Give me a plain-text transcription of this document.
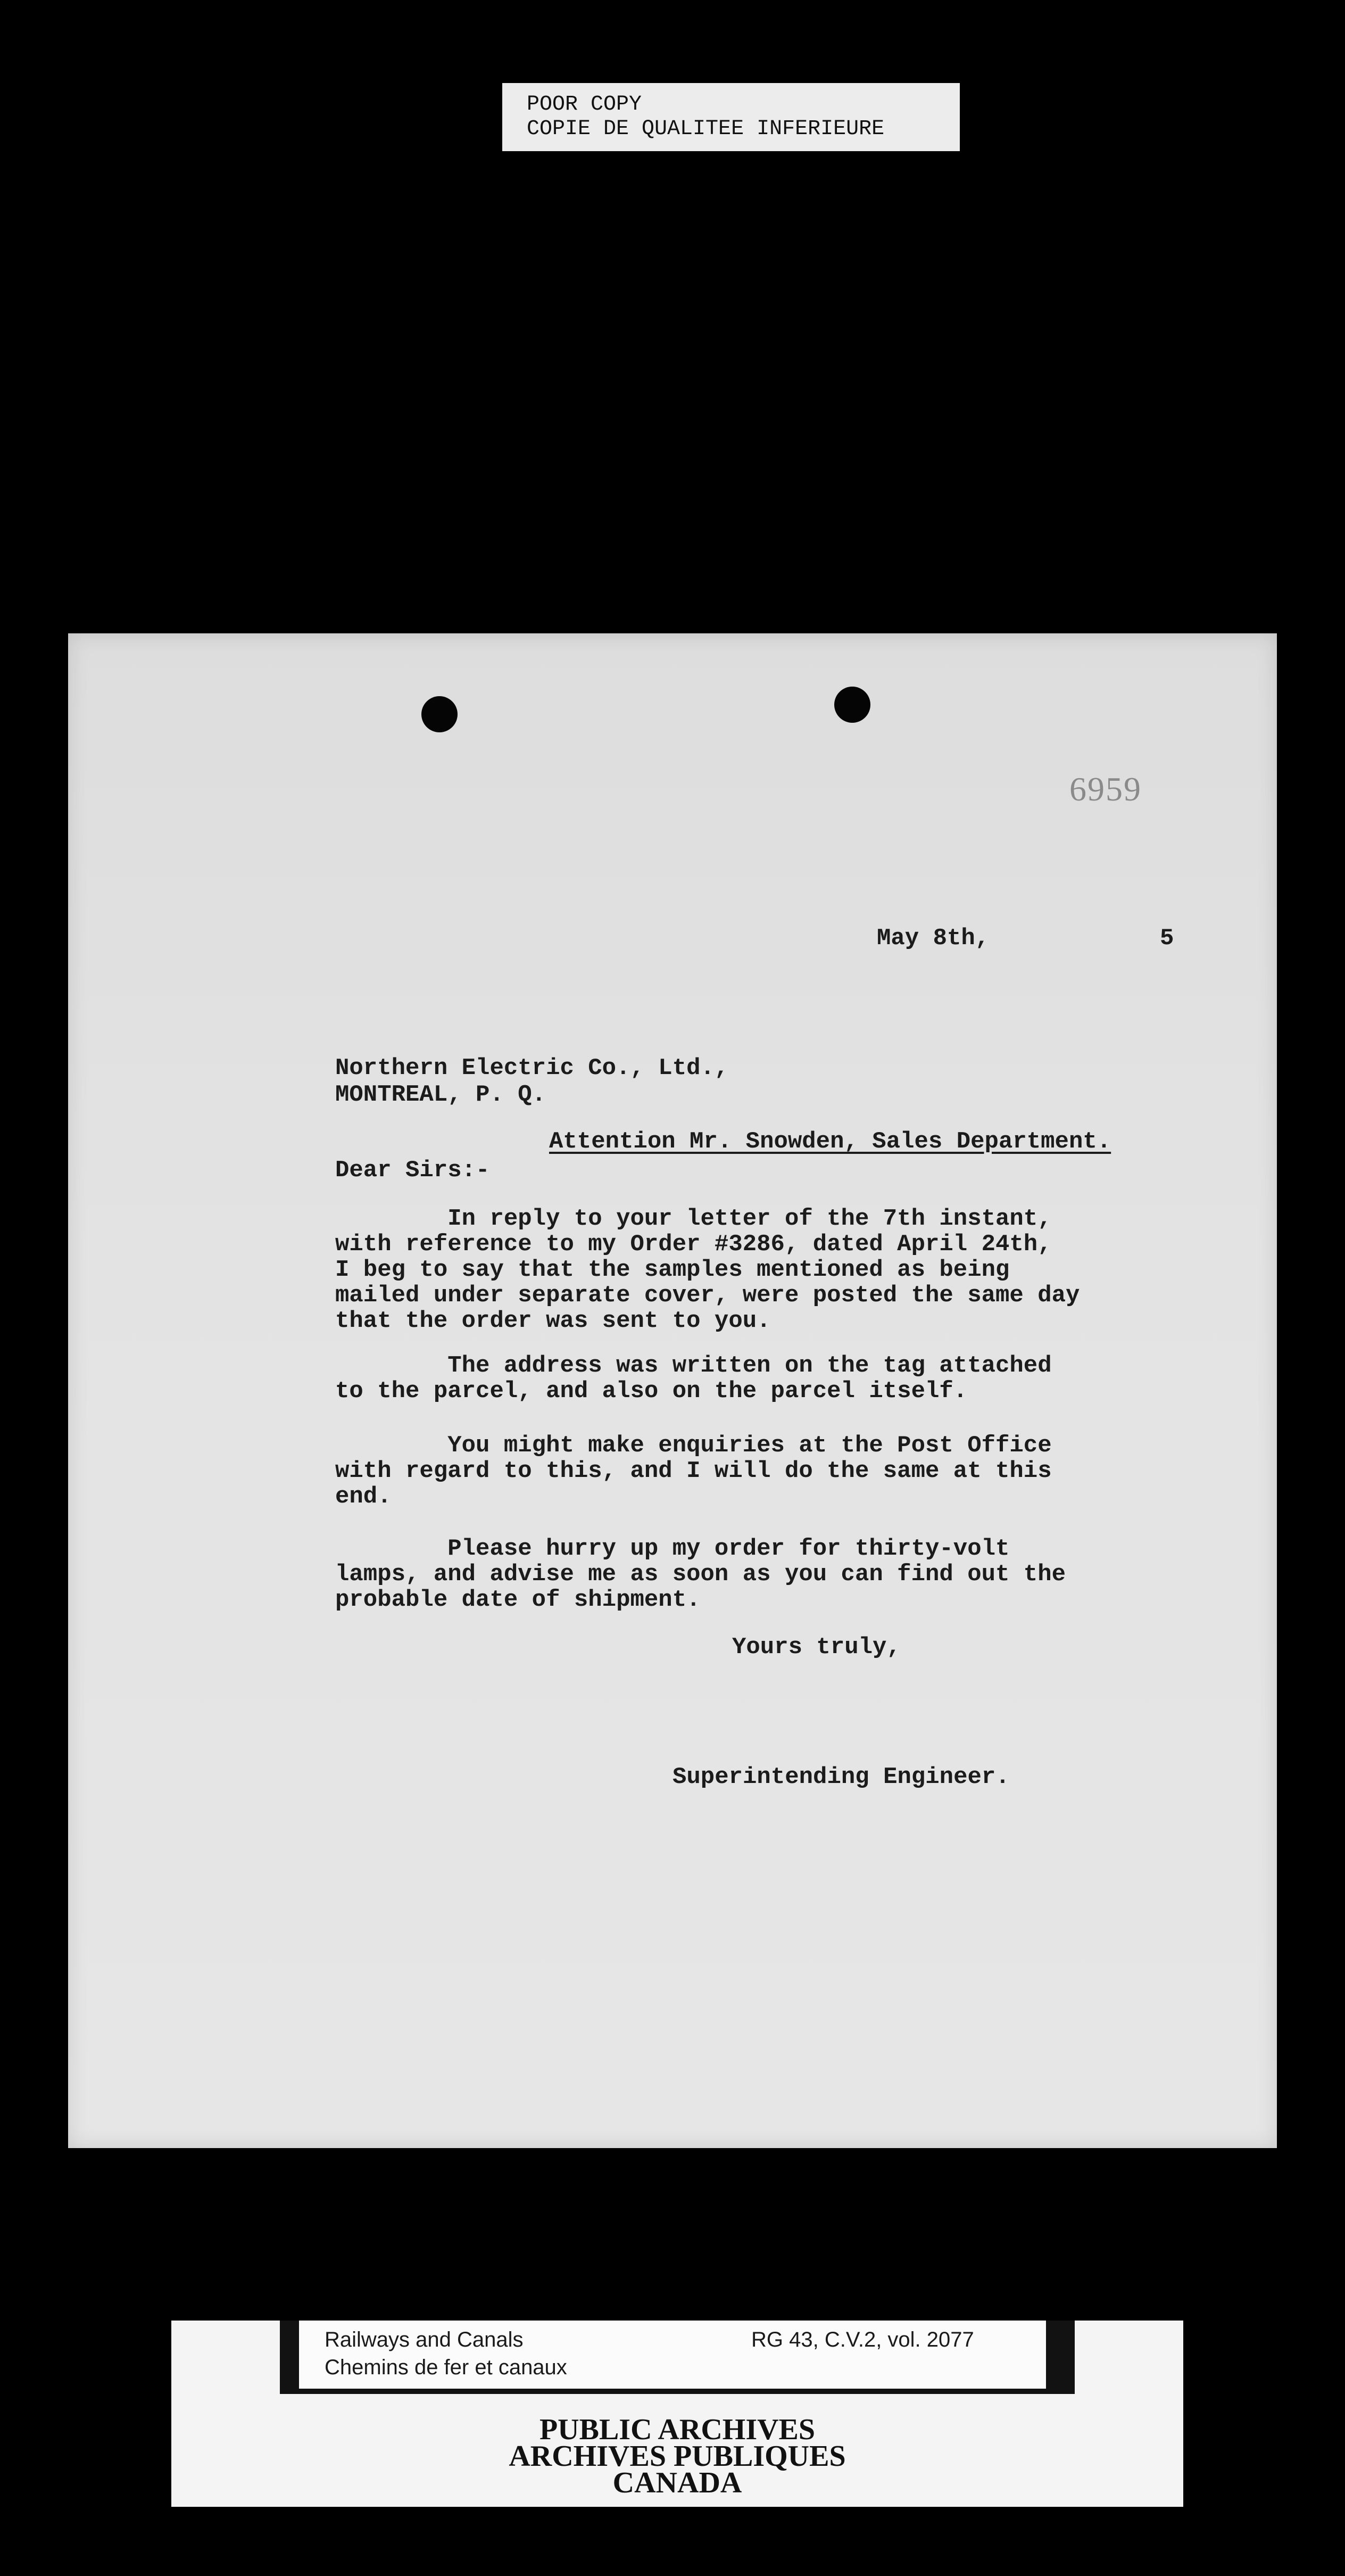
POOR COPY
COPIE DE QUALITEE INFERIEURE
6959
May 8th,	5
Northern Electric Co., Ltd.,
MONTREAL, P. Q.
Attention Mr. Snowden, Sales Department.
Dear Sirs:-
In reply to your letter of the 7th instant,
with reference to my Order #3286, dated April 24th,
I beg to say that the samples mentioned as being
mailed under separate cover, were posted the same day
that the order was sent to you.
The address was written on the tag attached
to the parcel, and also on the parcel itself.
You might make enquiries at the Post Office
with regard to this, and I will do the same at this
end.
Please hurry up my order for thirty-volt
lamps, and advise me as soon as you can find out the
probable date of shipment.
Yours truly,
Superintending Engineer.
Railways and Canals
Chemins de fer et canaux
RG 43, C.V.2, vol. 2077
PUBLIC ARCHIVES
ARCHIVES PUBLIQUES
CANADA
